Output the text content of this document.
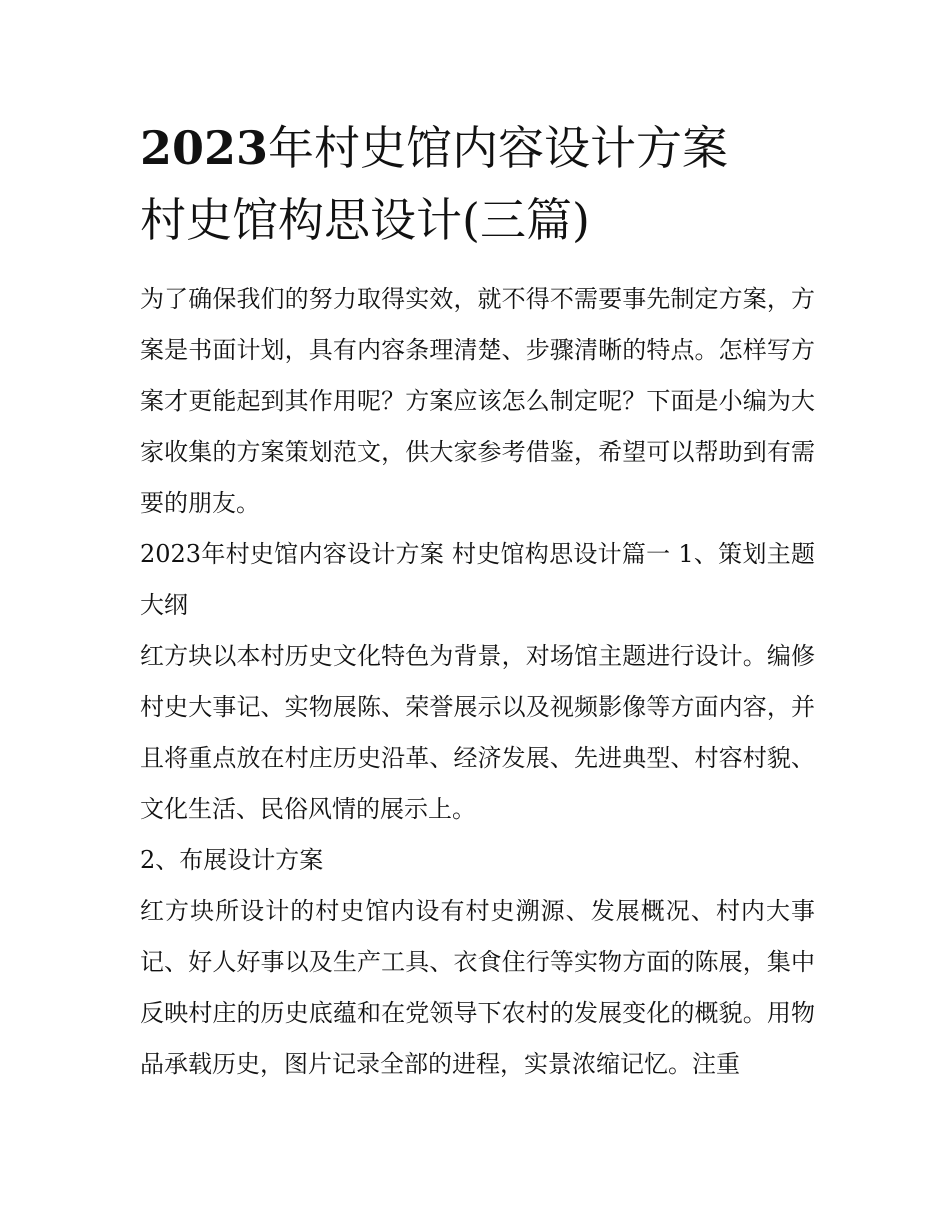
2023年村史馆内容设计方案
村史馆构思设计(三篇)

为了确保我们的努力取得实效，就不得不需要事先制定方案，方案是书面计划，具有内容条理清楚、步骤清晰的特点。怎样写方案才更能起到其作用呢？方案应该怎么制定呢？下面是小编为大家收集的方案策划范文，供大家参考借鉴，希望可以帮助到有需要的朋友。

2023年村史馆内容设计方案 村史馆构思设计篇一 1、策划主题大纲

红方块以本村历史文化特色为背景，对场馆主题进行设计。编修村史大事记、实物展陈、荣誉展示以及视频影像等方面内容，并且将重点放在村庄历史沿革、经济发展、先进典型、村容村貌、文化生活、民俗风情的展示上。

2、布展设计方案

红方块所设计的村史馆内设有村史溯源、发展概况、村内大事记、好人好事以及生产工具、衣食住行等实物方面的陈展，集中反映村庄的历史底蕴和在党领导下农村的发展变化的概貌。用物品承载历史，图片记录全部的进程，实景浓缩记忆。注重
